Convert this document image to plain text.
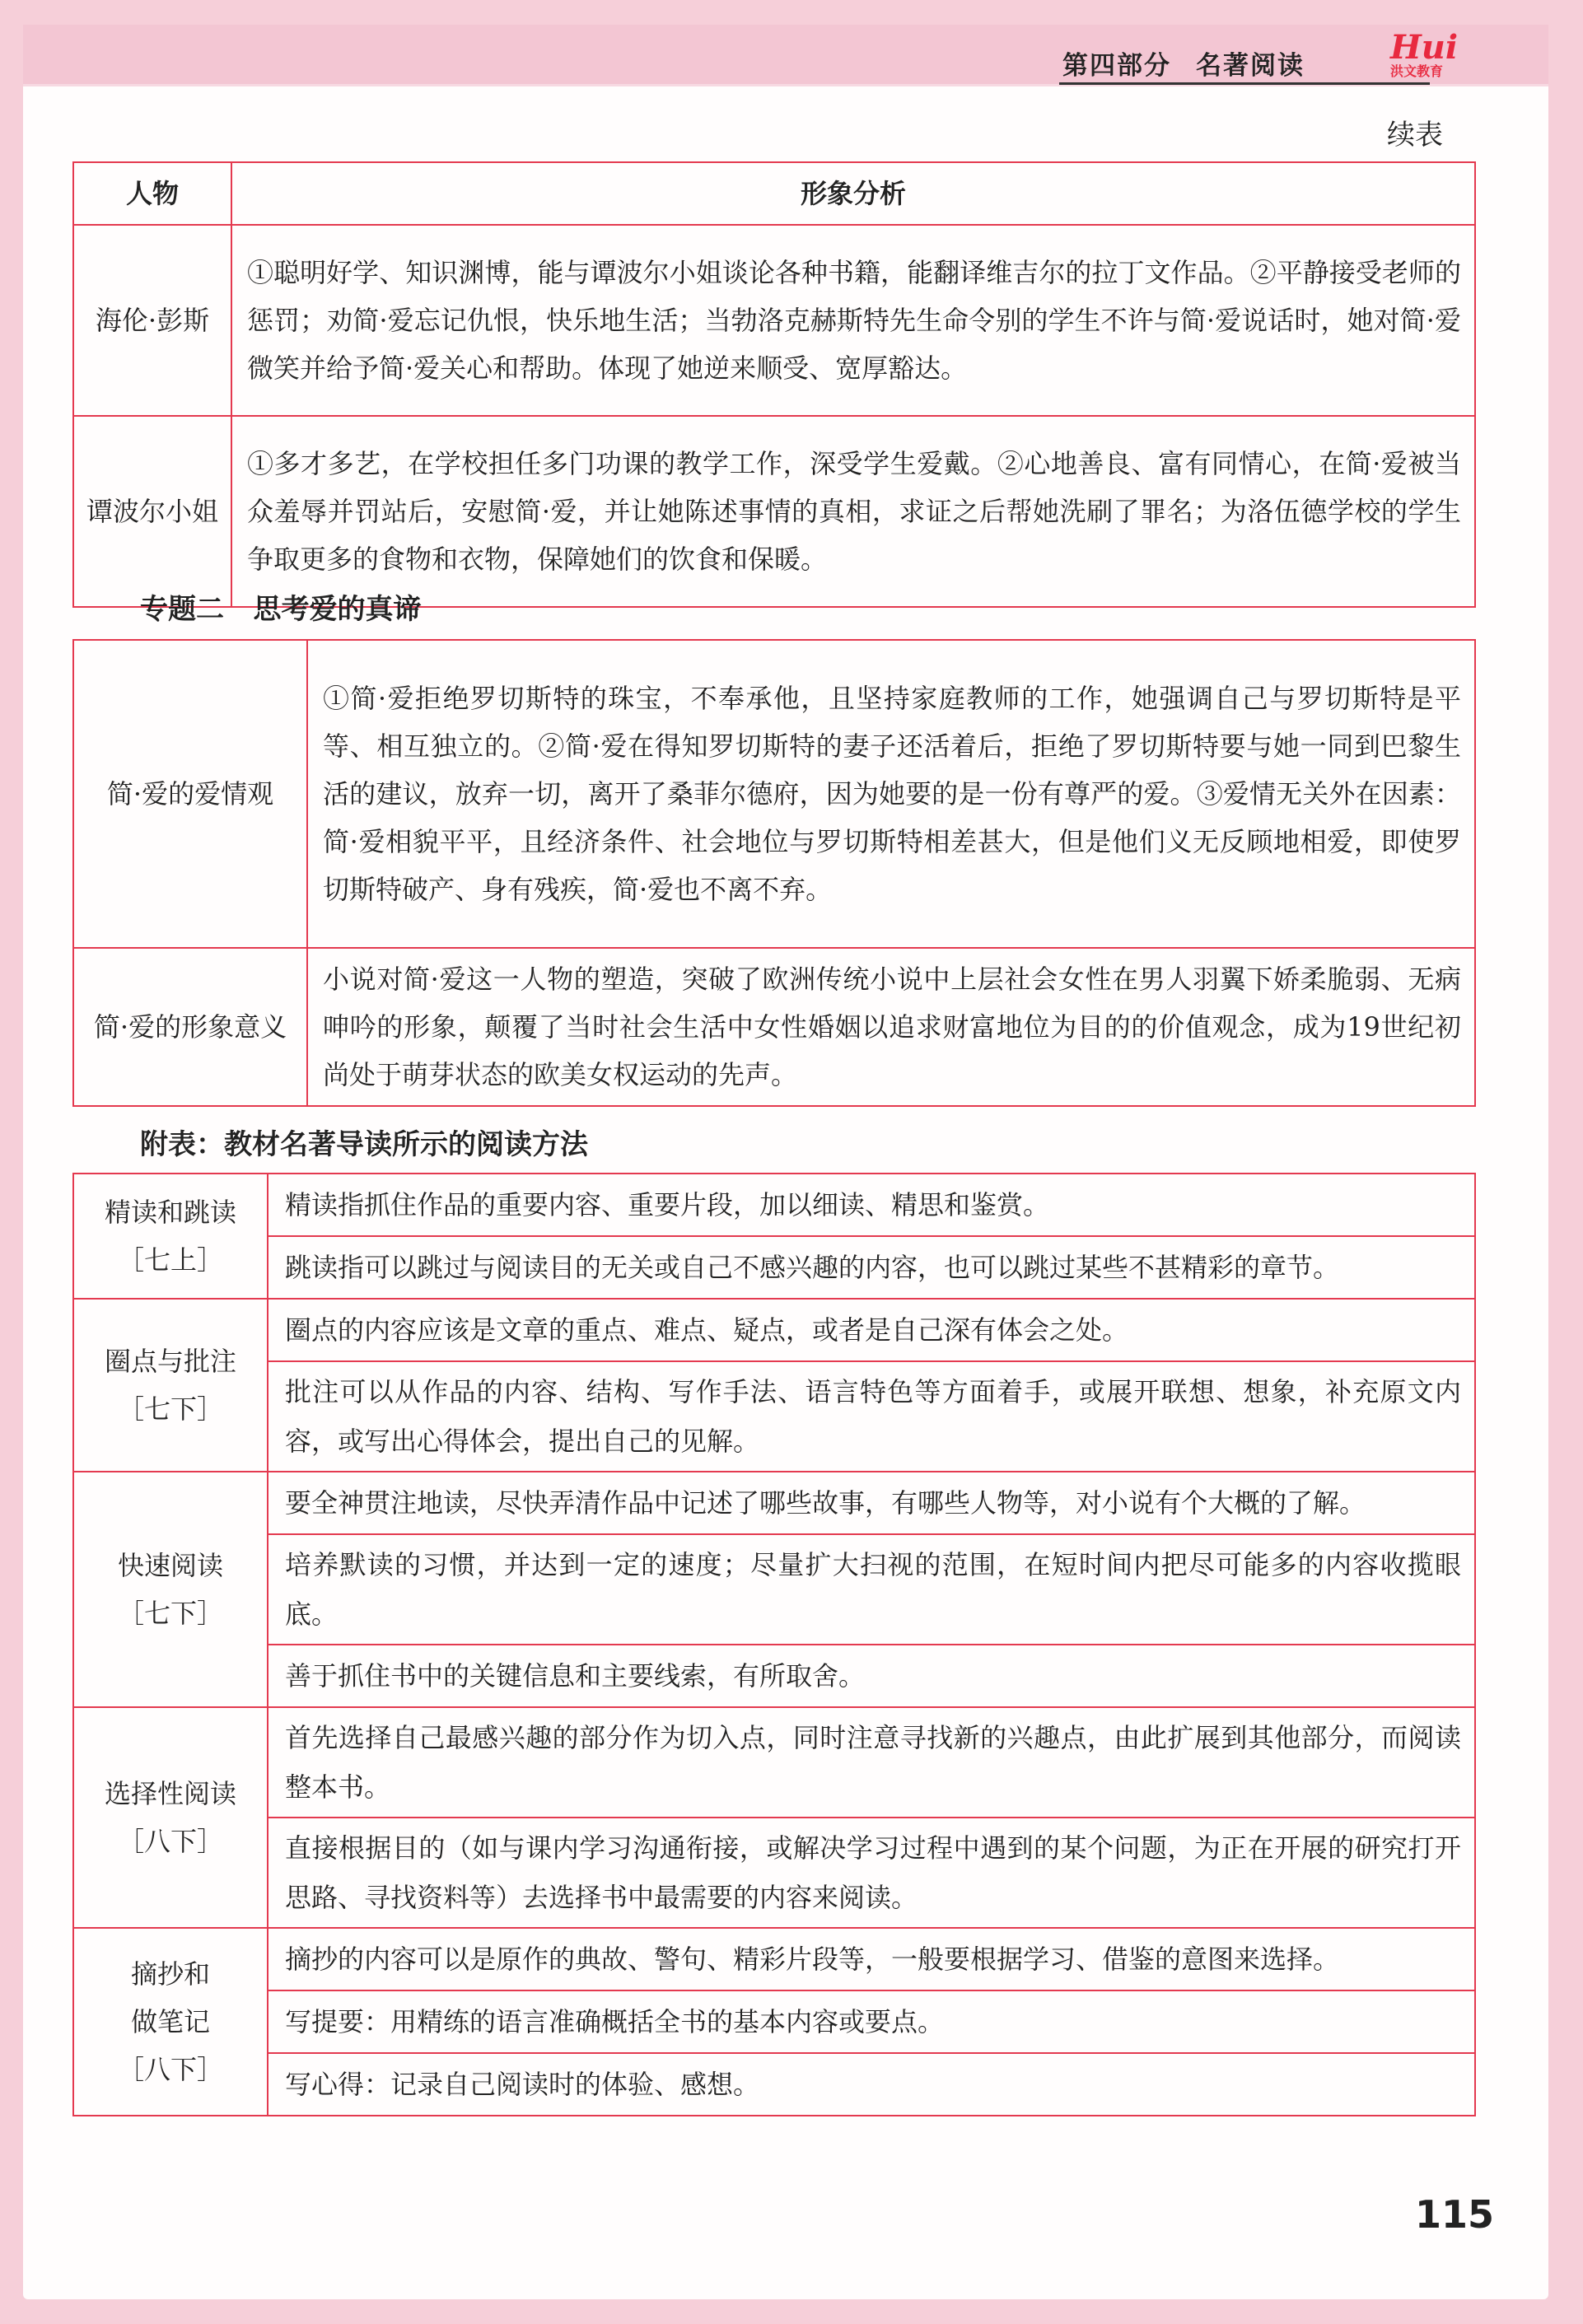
第四部分 名著阅读	Hui
洪文教育
续表
人物	形象分析
海伦·彭斯	①聪明好学、知识渊博，能与谭波尔小姐谈论各种书籍，能翻译维吉尔的拉丁文作品。②平静接受老师的惩罚；劝简·爱忘记仇恨，快乐地生活；当勃洛克赫斯特先生命令别的学生不许与简·爱说话时，她对简·爱微笑并给予简·爱关心和帮助。体现了她逆来顺受、宽厚豁达。
谭波尔小姐	①多才多艺，在学校担任多门功课的教学工作，深受学生爱戴。②心地善良、富有同情心，在简·爱被当众羞辱并罚站后，安慰简·爱，并让她陈述事情的真相，求证之后帮她洗刷了罪名；为洛伍德学校的学生争取更多的食物和衣物，保障她们的饮食和保暖。
专题二 思考爱的真谛
简·爱的爱情观	①简·爱拒绝罗切斯特的珠宝，不奉承他，且坚持家庭教师的工作，她强调自己与罗切斯特是平等、相互独立的。②简·爱在得知罗切斯特的妻子还活着后，拒绝了罗切斯特要与她一同到巴黎生活的建议，放弃一切，离开了桑菲尔德府，因为她要的是一份有尊严的爱。③爱情无关外在因素：简·爱相貌平平，且经济条件、社会地位与罗切斯特相差甚大，但是他们义无反顾地相爱，即使罗切斯特破产、身有残疾，简·爱也不离不弃。
简·爱的形象意义	小说对简·爱这一人物的塑造，突破了欧洲传统小说中上层社会女性在男人羽翼下娇柔脆弱、无病呻吟的形象，颠覆了当时社会生活中女性婚姻以追求财富地位为目的的价值观念，成为19世纪初尚处于萌芽状态的欧美女权运动的先声。
附表：教材名著导读所示的阅读方法
精读和跳读
［七上］	精读指抓住作品的重要内容、重要片段，加以细读、精思和鉴赏。
	跳读指可以跳过与阅读目的无关或自己不感兴趣的内容，也可以跳过某些不甚精彩的章节。

圈点与批注
［七下］	圈点的内容应该是文章的重点、难点、疑点，或者是自己深有体会之处。
	批注可以从作品的内容、结构、写作手法、语言特色等方面着手，或展开联想、想象，补充原文内容，或写出心得体会，提出自己的见解。

快速阅读
［七下］	要全神贯注地读，尽快弄清作品中记述了哪些故事，有哪些人物等，对小说有个大概的了解。
	培养默读的习惯，并达到一定的速度；尽量扩大扫视的范围，在短时间内把尽可能多的内容收揽眼底。
	善于抓住书中的关键信息和主要线索，有所取舍。

选择性阅读
［八下］	首先选择自己最感兴趣的部分作为切入点，同时注意寻找新的兴趣点，由此扩展到其他部分，而阅读整本书。
	直接根据目的（如与课内学习沟通衔接，或解决学习过程中遇到的某个问题，为正在开展的研究打开思路、寻找资料等）去选择书中最需要的内容来阅读。

摘抄和
做笔记
［八下］	摘抄的内容可以是原作的典故、警句、精彩片段等，一般要根据学习、借鉴的意图来选择。
	写提要：用精练的语言准确概括全书的基本内容或要点。
	写心得：记录自己阅读时的体验、感想。
115
